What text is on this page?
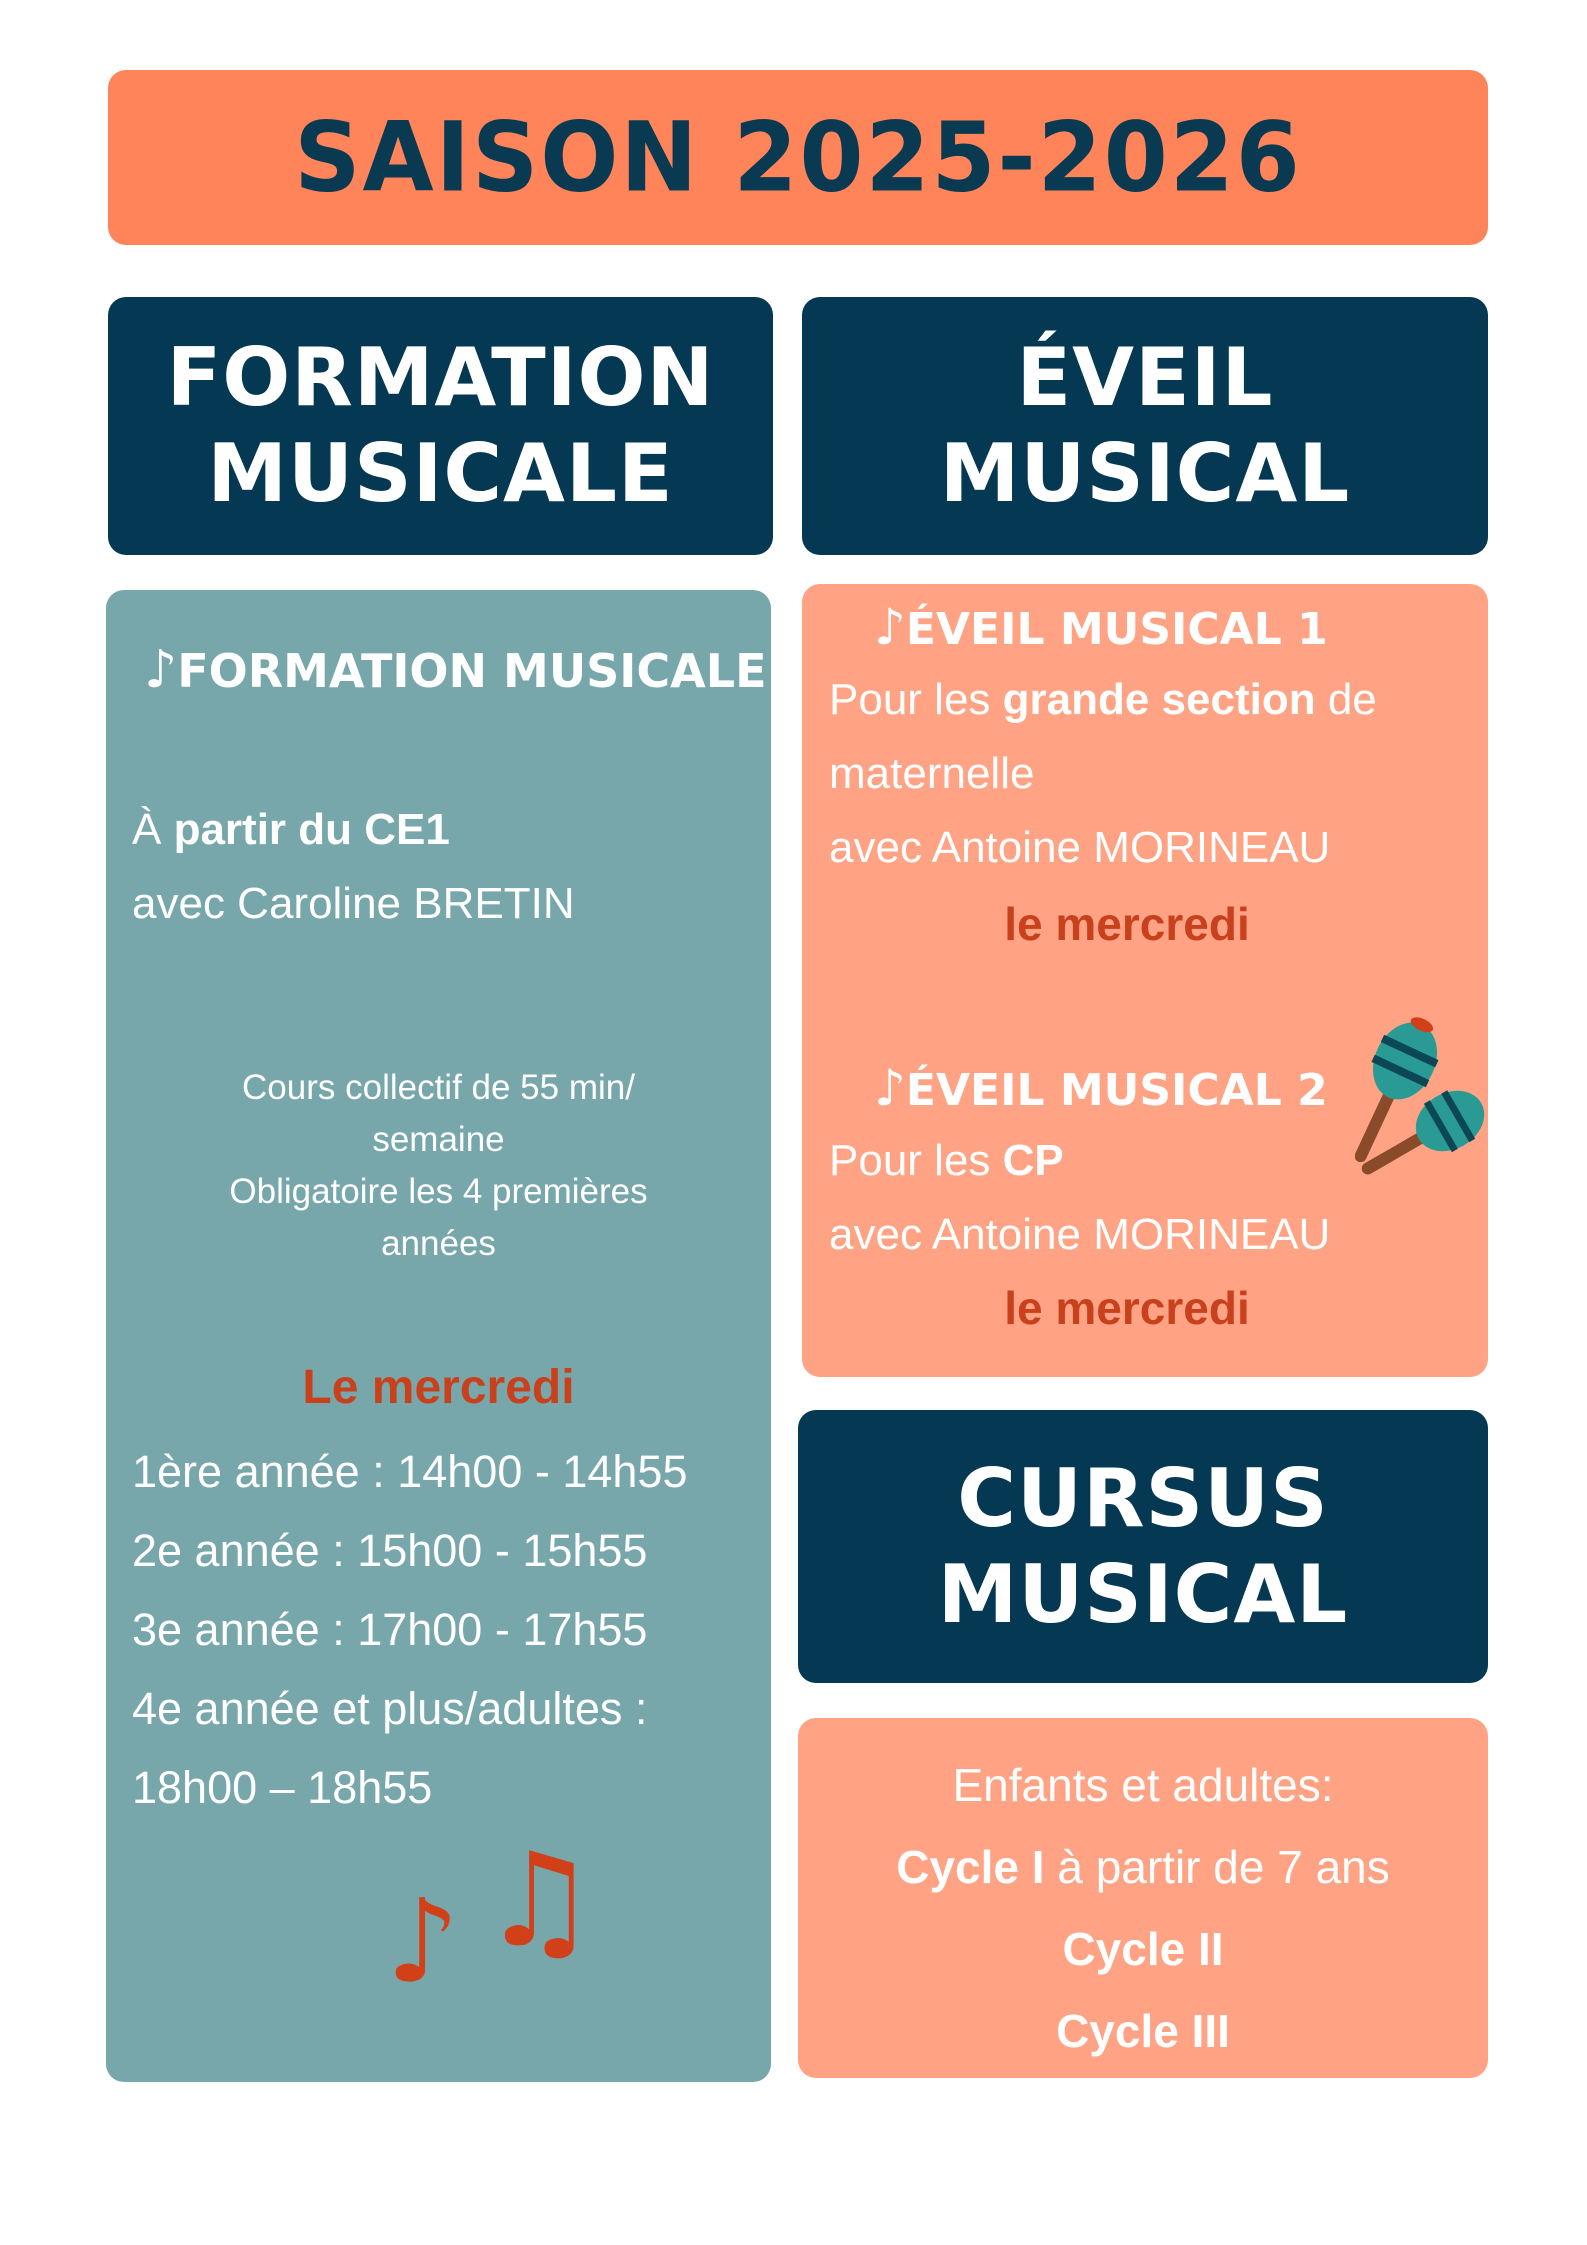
SAISON 2025-2026
FORMATION
MUSICALE
ÉVEIL
MUSICAL
♪FORMATION MUSICALE
À partir du CE1
avec Caroline BRETIN
Cours collectif de 55 min/
semaine
Obligatoire les 4 premières
années
Le mercredi
1ère année : 14h00 - 14h55
2e année : 15h00 - 15h55
3e année : 17h00 - 17h55
4e année et plus/adultes :
18h00 – 18h55
♪ ♫
♪ÉVEIL MUSICAL 1
Pour les grande section de
maternelle
avec Antoine MORINEAU
le mercredi
♪ÉVEIL MUSICAL 2
Pour les CP
avec Antoine MORINEAU
le mercredi
CURSUS
MUSICAL
Enfants et adultes:
Cycle I à partir de 7 ans
Cycle II
Cycle III
